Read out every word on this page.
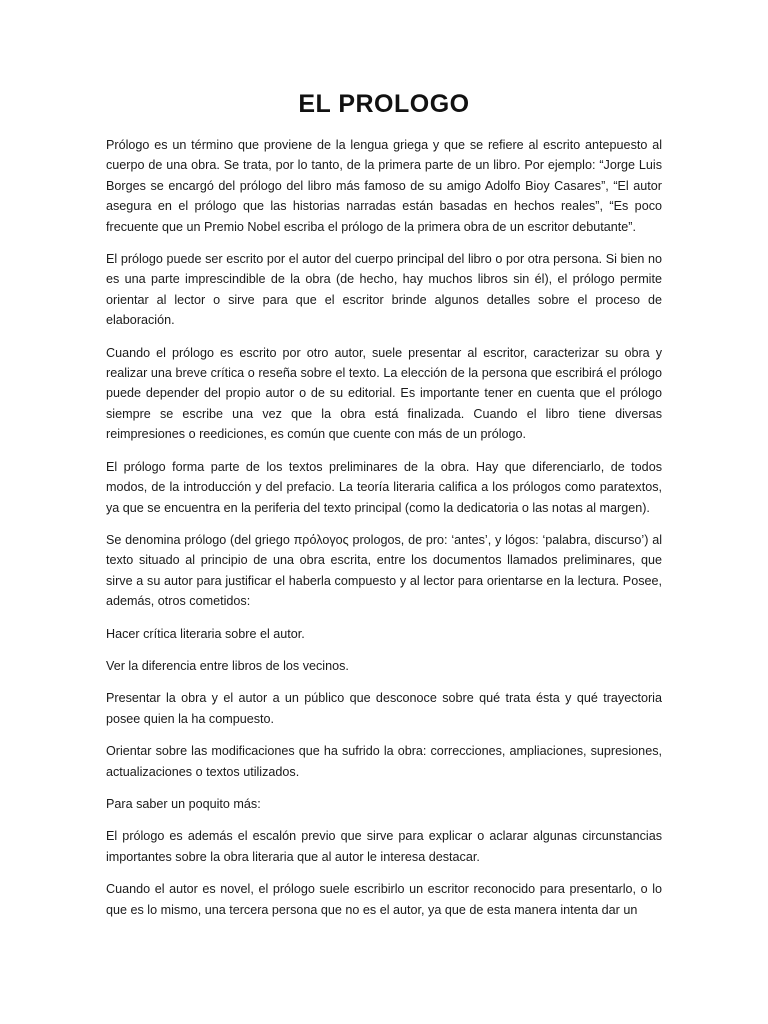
EL PROLOGO

Prólogo es un término que proviene de la lengua griega y que se refiere al escrito antepuesto al cuerpo de una obra. Se trata, por lo tanto, de la primera parte de un libro. Por ejemplo: “Jorge Luis Borges se encargó del prólogo del libro más famoso de su amigo Adolfo Bioy Casares”, “El autor asegura en el prólogo que las historias narradas están basadas en hechos reales”, “Es poco frecuente que un Premio Nobel escriba el prólogo de la primera obra de un escritor debutante”.

El prólogo puede ser escrito por el autor del cuerpo principal del libro o por otra persona. Si bien no es una parte imprescindible de la obra (de hecho, hay muchos libros sin él), el prólogo permite orientar al lector o sirve para que el escritor brinde algunos detalles sobre el proceso de elaboración.

Cuando el prólogo es escrito por otro autor, suele presentar al escritor, caracterizar su obra y realizar una breve crítica o reseña sobre el texto. La elección de la persona que escribirá el prólogo puede depender del propio autor o de su editorial. Es importante tener en cuenta que el prólogo siempre se escribe una vez que la obra está finalizada. Cuando el libro tiene diversas reimpresiones o reediciones, es común que cuente con más de un prólogo.

El prólogo forma parte de los textos preliminares de la obra. Hay que diferenciarlo, de todos modos, de la introducción y del prefacio. La teoría literaria califica a los prólogos como paratextos, ya que se encuentra en la periferia del texto principal (como la dedicatoria o las notas al margen).

Se denomina prólogo (del griego πρόλογος prologos, de pro: ‘antes’, y lógos: ‘palabra, discurso’) al texto situado al principio de una obra escrita, entre los documentos llamados preliminares, que sirve a su autor para justificar el haberla compuesto y al lector para orientarse en la lectura. Posee, además, otros cometidos:

Hacer crítica literaria sobre el autor.

Ver la diferencia entre libros de los vecinos.

Presentar la obra y el autor a un público que desconoce sobre qué trata ésta y qué trayectoria posee quien la ha compuesto.

Orientar sobre las modificaciones que ha sufrido la obra: correcciones, ampliaciones, supresiones, actualizaciones o textos utilizados.

Para saber un poquito más:

El prólogo es además el escalón previo que sirve para explicar o aclarar algunas circunstancias importantes sobre la obra literaria que al autor le interesa destacar.

Cuando el autor es novel, el prólogo suele escribirlo un escritor reconocido para presentarlo, o lo que es lo mismo, una tercera persona que no es el autor, ya que de esta manera intenta dar un
